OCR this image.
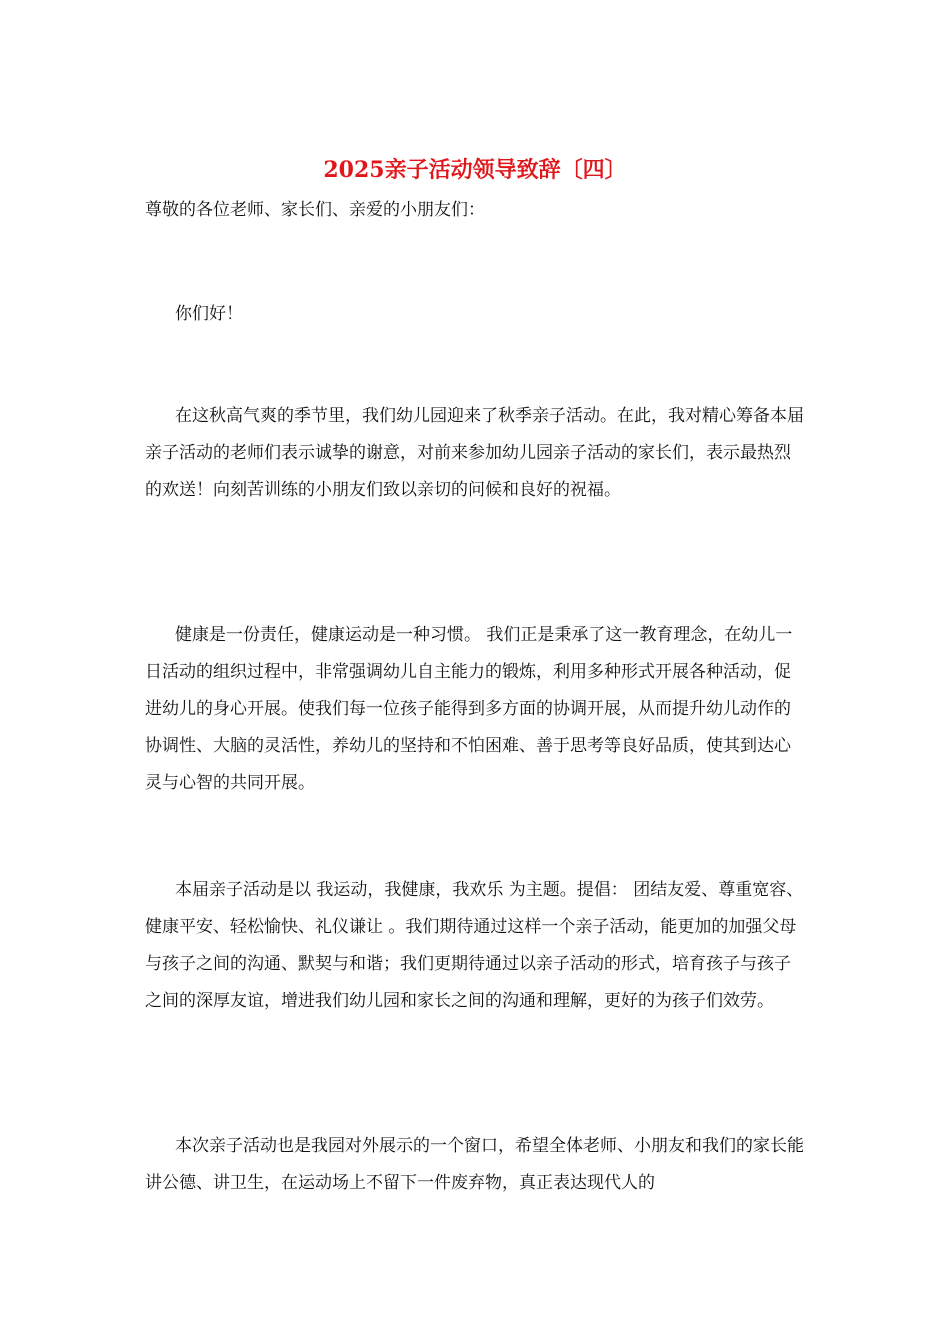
2025亲子活动领导致辞〔四〕

尊敬的各位老师、家长们、亲爱的小朋友们：

你们好！

在这秋高气爽的季节里，我们幼儿园迎来了秋季亲子活动。在此，我对精心筹备本届亲子活动的老师们表示诚挚的谢意，对前来参加幼儿园亲子活动的家长们，表示最热烈的欢送！向刻苦训练的小朋友们致以亲切的问候和良好的祝福。

健康是一份责任，健康运动是一种习惯。 我们正是秉承了这一教育理念，在幼儿一日活动的组织过程中，非常强调幼儿自主能力的锻炼，利用多种形式开展各种活动，促进幼儿的身心开展。使我们每一位孩子能得到多方面的协调开展，从而提升幼儿动作的协调性、大脑的灵活性，养幼儿的坚持和不怕困难、善于思考等良好品质，使其到达心灵与心智的共同开展。

本届亲子活动是以 我运动，我健康，我欢乐 为主题。提倡： 团结友爱、尊重宽容、健康平安、轻松愉快、礼仪谦让 。我们期待通过这样一个亲子活动，能更加的加强父母与孩子之间的沟通、默契与和谐；我们更期待通过以亲子活动的形式，培育孩子与孩子之间的深厚友谊，增进我们幼儿园和家长之间的沟通和理解，更好的为孩子们效劳。

本次亲子活动也是我园对外展示的一个窗口，希望全体老师、小朋友和我们的家长能讲公德、讲卫生，在运动场上不留下一件废弃物，真正表达现代人的
